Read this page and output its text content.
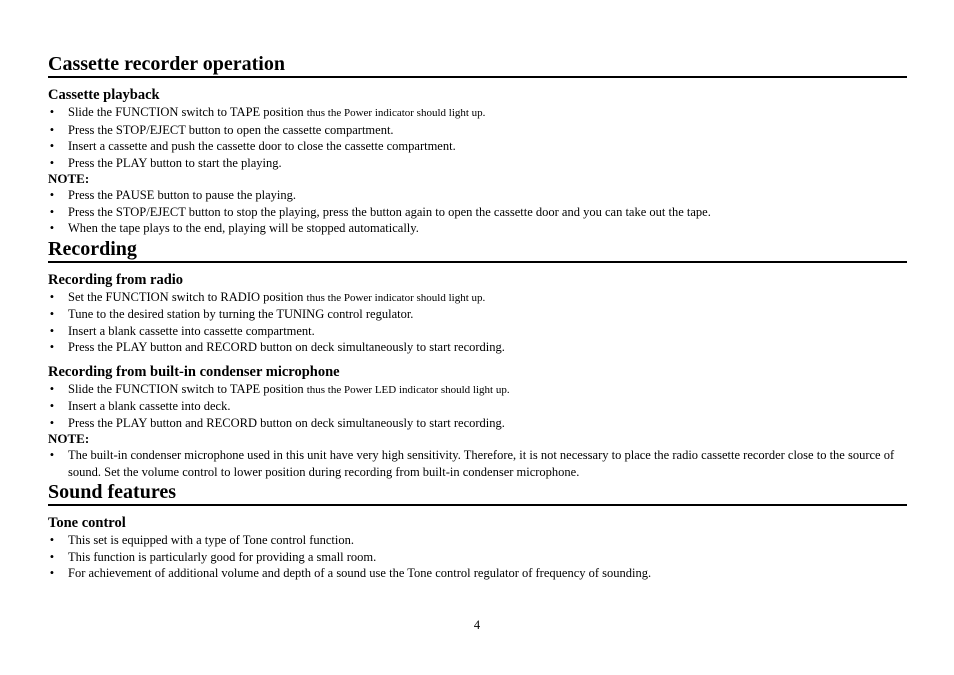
Cassette recorder operation
Cassette playback
• Slide the FUNCTION switch to TAPE position thus the Power indicator should light up.
• Press the STOP/EJECT button to open the cassette compartment.
• Insert a cassette and push the cassette door to close the cassette compartment.
• Press the PLAY button to start the playing.
NOTE:
• Press the PAUSE button to pause the playing.
• Press the STOP/EJECT button to stop the playing, press the button again to open the cassette door and you can take out the tape.
• When the tape plays to the end, playing will be stopped automatically.
Recording
Recording from radio
• Set the FUNCTION switch to RADIO position thus the Power indicator should light up.
• Tune to the desired station by turning the TUNING control regulator.
• Insert a blank cassette into cassette compartment.
• Press the PLAY button and RECORD button on deck simultaneously to start recording.
Recording from built-in condenser microphone
• Slide the FUNCTION switch to TAPE position thus the Power LED indicator should light up.
• Insert a blank cassette into deck.
• Press the PLAY button and RECORD button on deck simultaneously to start recording.
NOTE:
• The built-in condenser microphone used in this unit have very high sensitivity. Therefore, it is not necessary to place the radio cassette recorder close to the source of sound. Set the volume control to lower position during recording from built-in condenser microphone.
Sound features
Tone control
• This set is equipped with a type of Tone control function.
• This function is particularly good for providing a small room.
• For achievement of additional volume and depth of a sound use the Tone control regulator of frequency of sounding.
4
